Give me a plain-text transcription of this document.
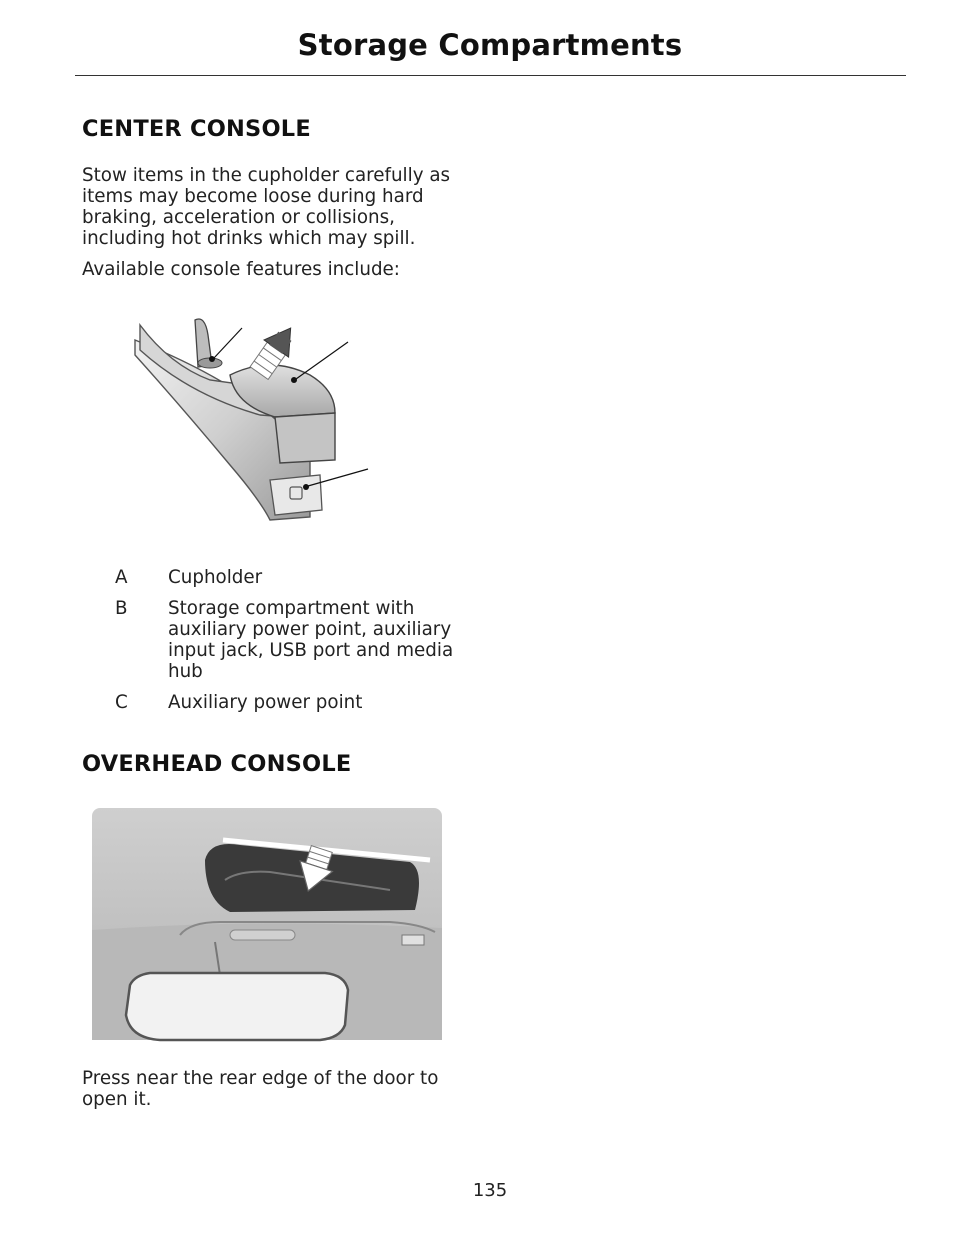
Storage Compartments
CENTER CONSOLE
Stow items in the cupholder carefully as items may become loose during hard braking, acceleration or collisions, including hot drinks which may spill.
Available console features include:
A	Cupholder
B	Storage compartment with auxiliary power point, auxiliary input jack, USB port and media hub
C	Auxiliary power point
OVERHEAD CONSOLE
Press near the rear edge of the door to open it.
135
